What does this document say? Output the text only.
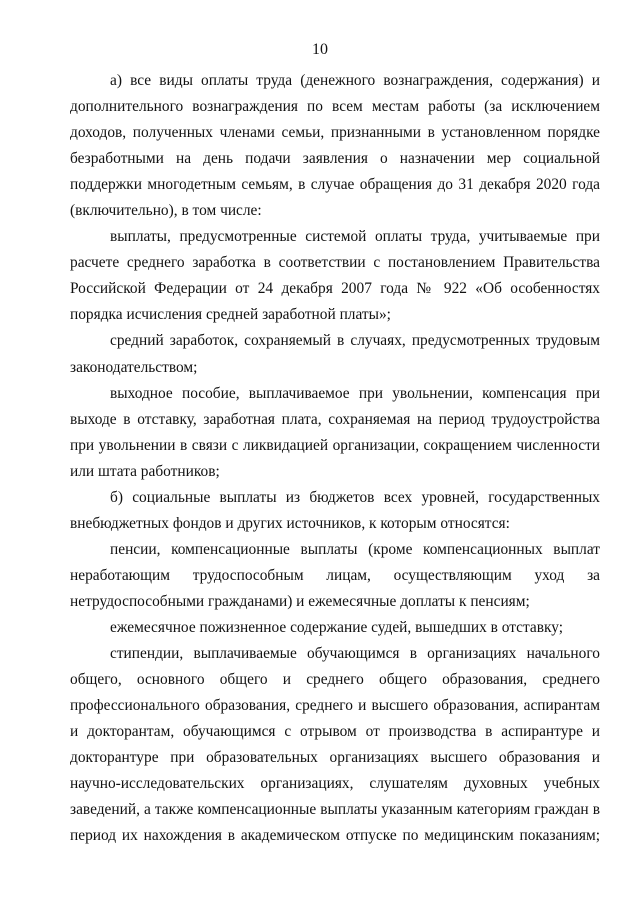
10

а) все виды оплаты труда (денежного вознаграждения, содержания) и дополнительного вознаграждения по всем местам работы (за исключением доходов, полученных членами семьи, признанными в установленном порядке безработными на день подачи заявления о назначении мер социальной поддержки многодетным семьям, в случае обращения до 31 декабря 2020 года (включительно), в том числе:

выплаты, предусмотренные системой оплаты труда, учитываемые при расчете среднего заработка в соответствии с постановлением Правительства Российской Федерации от 24 декабря 2007 года № 922 «Об особенностях порядка исчисления средней заработной платы»;

средний заработок, сохраняемый в случаях, предусмотренных трудовым законодательством;

выходное пособие, выплачиваемое при увольнении, компенсация при выходе в отставку, заработная плата, сохраняемая на период трудоустройства при увольнении в связи с ликвидацией организации, сокращением численности или штата работников;

б) социальные выплаты из бюджетов всех уровней, государственных внебюджетных фондов и других источников, к которым относятся:

пенсии, компенсационные выплаты (кроме компенсационных выплат неработающим трудоспособным лицам, осуществляющим уход за нетрудоспособными гражданами) и ежемесячные доплаты к пенсиям;

ежемесячное пожизненное содержание судей, вышедших в отставку;

стипендии, выплачиваемые обучающимся в организациях начального общего, основного общего и среднего общего образования, среднего профессионального образования, среднего и высшего образования, аспирантам и докторантам, обучающимся с отрывом от производства в аспирантуре и докторантуре при образовательных организациях высшего образования и научно-исследовательских организациях, слушателям духовных учебных заведений, а также компенсационные выплаты указанным категориям граждан в период их нахождения в академическом отпуске по медицинским показаниям;
